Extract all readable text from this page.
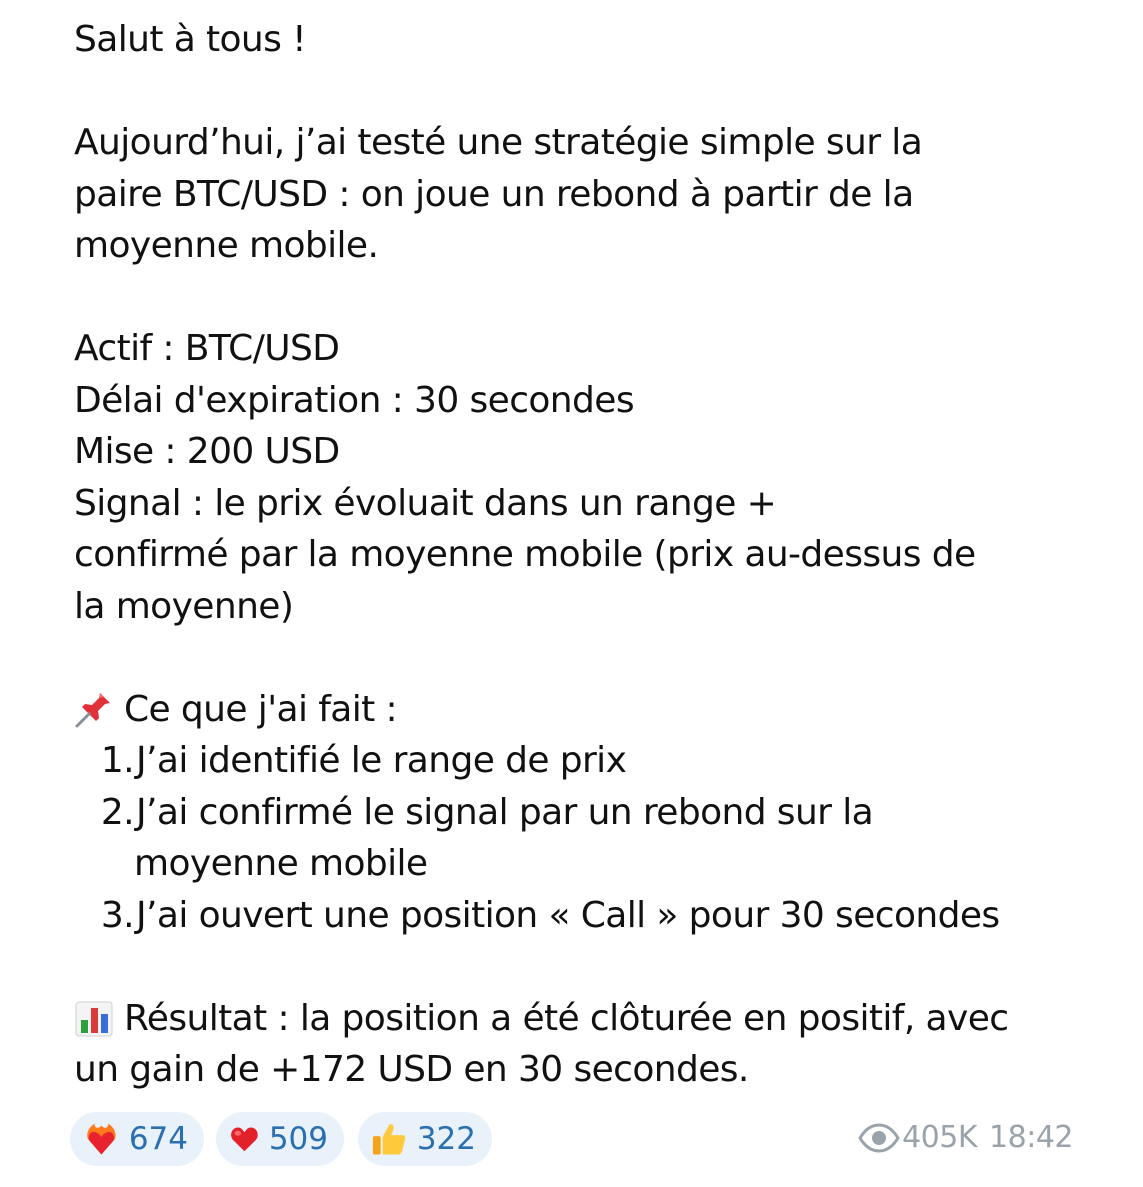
Salut à tous !
Aujourd’hui, j’ai testé une stratégie simple sur la
paire BTC/USD : on joue un rebond à partir de la
moyenne mobile.
Actif : BTC/USD
Délai d'expiration : 30 secondes
Mise : 200 USD
Signal : le prix évoluait dans un range +
confirmé par la moyenne mobile (prix au-dessus de
la moyenne)
Ce que j'ai fait :
1. J’ai identifié le range de prix
2. J’ai confirmé le signal par un rebond sur la
moyenne mobile
3. J’ai ouvert une position « Call » pour 30 secondes
Résultat : la position a été clôturée en positif, avec
un gain de +172 USD en 30 secondes.
674	509	322	405K 18:42
